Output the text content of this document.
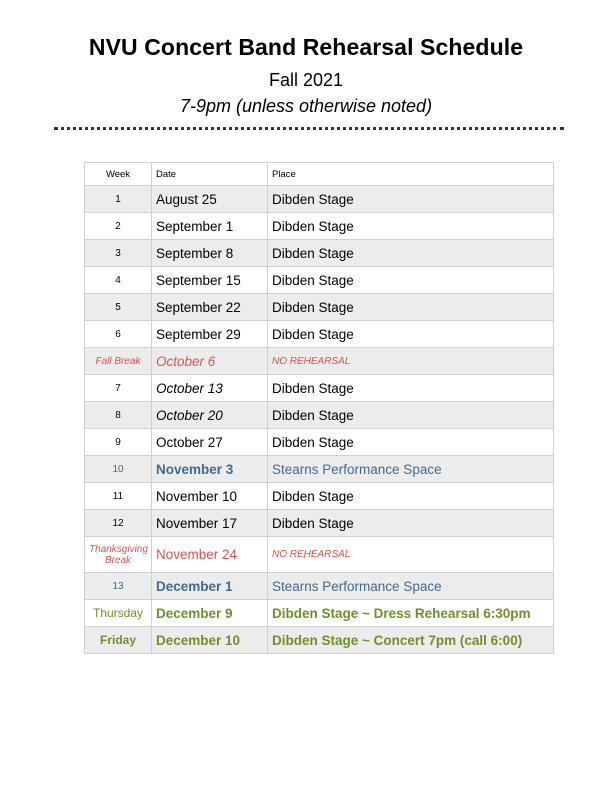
NVU Concert Band Rehearsal Schedule
Fall 2021
7-9pm (unless otherwise noted)
Week	Date	Place
1	August 25	Dibden Stage
2	September 1	Dibden Stage
3	September 8	Dibden Stage
4	September 15	Dibden Stage
5	September 22	Dibden Stage
6	September 29	Dibden Stage
Fall Break	October 6	NO REHEARSAL
7	October 13	Dibden Stage
8	October 20	Dibden Stage
9	October 27	Dibden Stage
10	November 3	Stearns Performance Space
11	November 10	Dibden Stage
12	November 17	Dibden Stage
Thanksgiving Break	November 24	NO REHEARSAL
13	December 1	Stearns Performance Space
Thursday	December 9	Dibden Stage ~ Dress Rehearsal 6:30pm
Friday	December 10	Dibden Stage ~ Concert 7pm (call 6:00)
